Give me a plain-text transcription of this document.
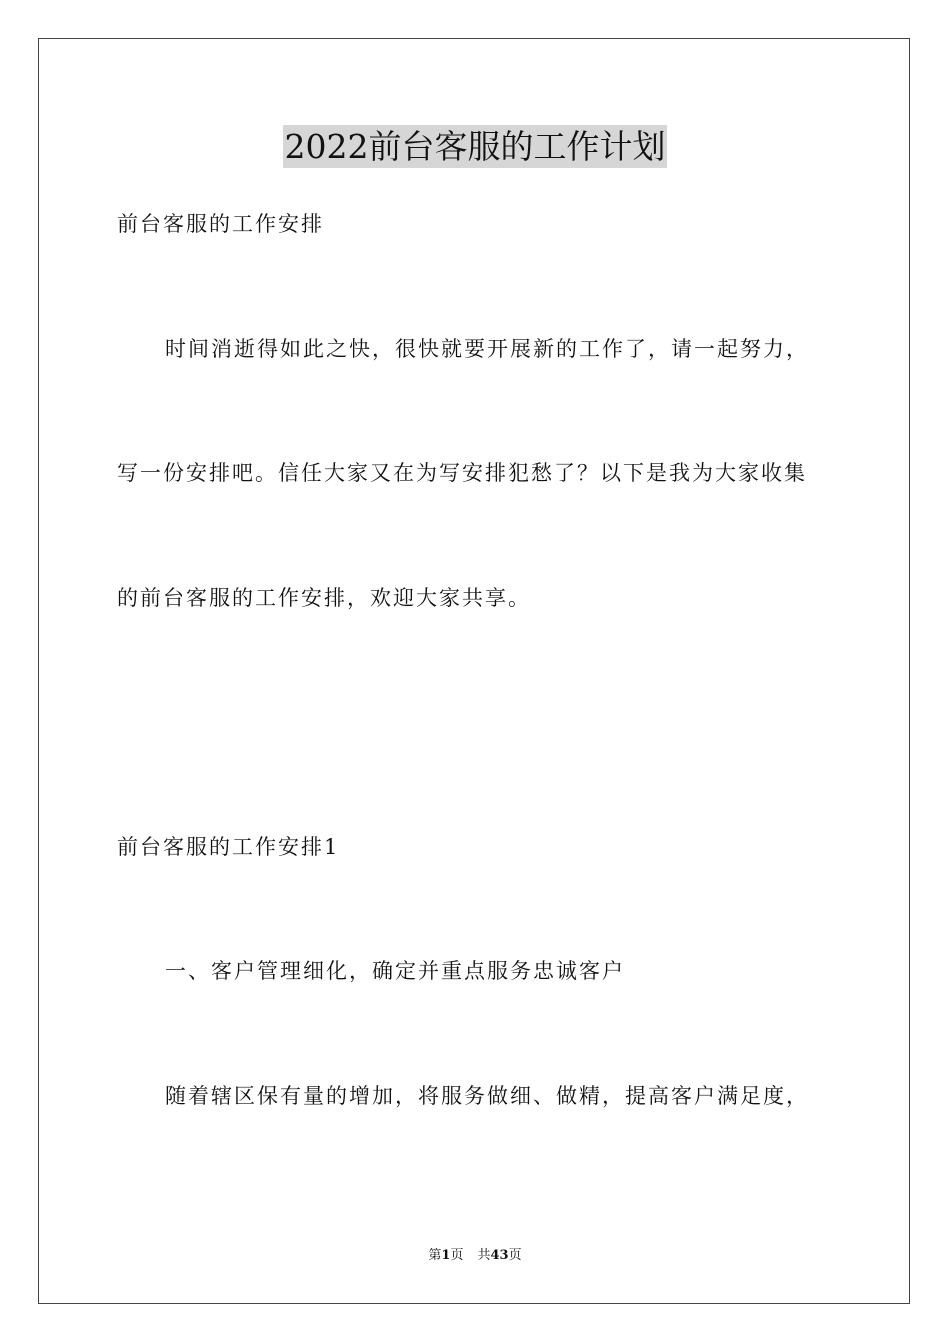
2022前台客服的工作计划

前台客服的工作安排

时间消逝得如此之快，很快就要开展新的工作了，请一起努力，

写一份安排吧。信任大家又在为写安排犯愁了？以下是我为大家收集

的前台客服的工作安排，欢迎大家共享。

前台客服的工作安排1

一、客户管理细化，确定并重点服务忠诚客户

随着辖区保有量的增加，将服务做细、做精，提高客户满足度，

第1页 共43页
